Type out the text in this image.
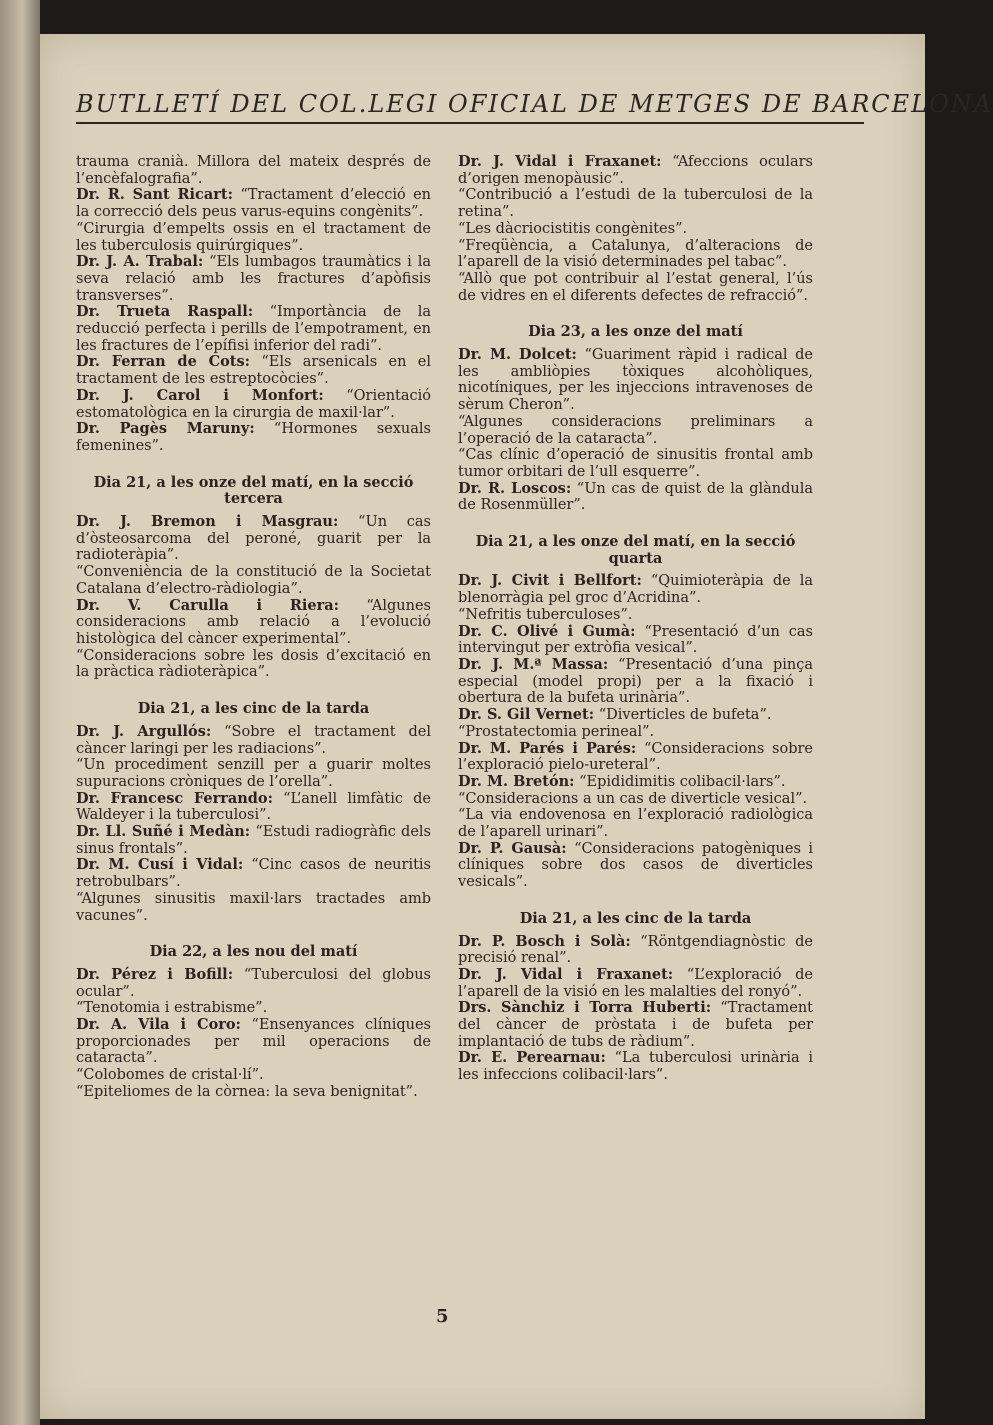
BUTLLETÍ DEL COL.LEGI OFICIAL DE METGES DE BARCELONA

trauma cranià. Millora del mateix després de l’encèfalografia”.

Dr. R. Sant Ricart: “Tractament d’elecció en la correcció dels peus varus-equins congènits”.

“Cirurgia d’empelts ossis en el tractament de les tuberculosis quirúrgiques”.

Dr. J. A. Trabal: “Els lumbagos traumàtics i la seva relació amb les fractures d’apòfisis transverses”.

Dr. Trueta Raspall: “Importància de la reducció perfecta i perills de l’empotrament, en les fractures de l’epífisi inferior del radi”.

Dr. Ferran de Cots: “Els arsenicals en el tractament de les estreptocòcies”.

Dr. J. Carol i Monfort: “Orientació estomatològica en la cirurgia de maxil·lar”.

Dr. Pagès Maruny: “Hormones sexuals femenines”.

Dia 21, a les onze del matí, en la secció tercera

Dr. J. Bremon i Masgrau: “Un cas d’òsteosarcoma del peroné, guarit per la radioteràpia”.

“Conveniència de la constitució de la Societat Catalana d’electro-ràdiologia”.

Dr. V. Carulla i Riera: “Algunes consideracions amb relació a l’evolució histològica del càncer experimental”.

“Consideracions sobre les dosis d’excitació en la pràctica ràdioteràpica”.

Dia 21, a les cinc de la tarda

Dr. J. Argullós: “Sobre el tractament del càncer laringi per les radiacions”.

“Un procediment senzill per a guarir moltes supuracions cròniques de l’orella”.

Dr. Francesc Ferrando: “L’anell limfàtic de Waldeyer i la tuberculosi”.

Dr. Ll. Suñé i Medàn: “Estudi radiogràfic dels sinus frontals”.

Dr. M. Cusí i Vidal: “Cinc casos de neuritis retrobulbars”.

“Algunes sinusitis maxil·lars tractades amb vacunes”.

Dia 22, a les nou del matí

Dr. Pérez i Bofill: “Tuberculosi del globus ocular”.

“Tenotomia i estrabisme”.

Dr. A. Vila i Coro: “Ensenyances clíniques proporcionades per mil operacions de cataracta”.

“Colobomes de cristal·lí”.

“Epiteliomes de la còrnea: la seva benignitat”.

Dr. J. Vidal i Fraxanet: “Afeccions oculars d’origen menopàusic”.

“Contribució a l’estudi de la tuberculosi de la retina”.

“Les dàcriocistitis congènites”.

“Freqüència, a Catalunya, d’alteracions de l’aparell de la visió determinades pel tabac”.

“Allò que pot contribuir al l’estat general, l’ús de vidres en el diferents defectes de refracció”.

Dia 23, a les onze del matí

Dr. M. Dolcet: “Guariment ràpid i radical de les ambliòpies tòxiques alcohòliques, nicotíniques, per les injeccions intravenoses de sèrum Cheron”.

“Algunes consideracions preliminars a l’operació de la cataracta”.

“Cas clínic d’operació de sinusitis frontal amb tumor orbitari de l’ull esquerre”.

Dr. R. Loscos: “Un cas de quist de la glàndula de Rosenmüller”.

Dia 21, a les onze del matí, en la secció quarta

Dr. J. Civit i Bellfort: “Quimioteràpia de la blenorràgia pel groc d’Acridina”.

“Nefritis tuberculoses”.

Dr. C. Olivé i Gumà: “Presentació d’un cas intervingut per extròfia vesical”.

Dr. J. M.ª Massa: “Presentació d’una pinça especial (model propi) per a la fixació i obertura de la bufeta urinària”.

Dr. S. Gil Vernet: “Diverticles de bufeta”.

“Prostatectomia perineal”.

Dr. M. Parés i Parés: “Consideracions sobre l’exploració pielo-ureteral”.

Dr. M. Bretón: “Epididimitis colibacil·lars”.

“Consideracions a un cas de diverticle vesical”.

“La via endovenosa en l’exploració radiològica de l’aparell urinari”.

Dr. P. Gausà: “Consideracions patogèniques i clíniques sobre dos casos de diverticles vesicals”.

Dia 21, a les cinc de la tarda

Dr. P. Bosch i Solà: “Röntgendiagnòstic de precisió renal”.

Dr. J. Vidal i Fraxanet: “L’exploració de l’aparell de la visió en les malalties del ronyó”.

Drs. Sànchiz i Torra Huberti: “Tractament del càncer de pròstata i de bufeta per implantació de tubs de ràdium”.

Dr. E. Perearnau: “La tuberculosi urinària i les infeccions colibacil·lars”.

5
